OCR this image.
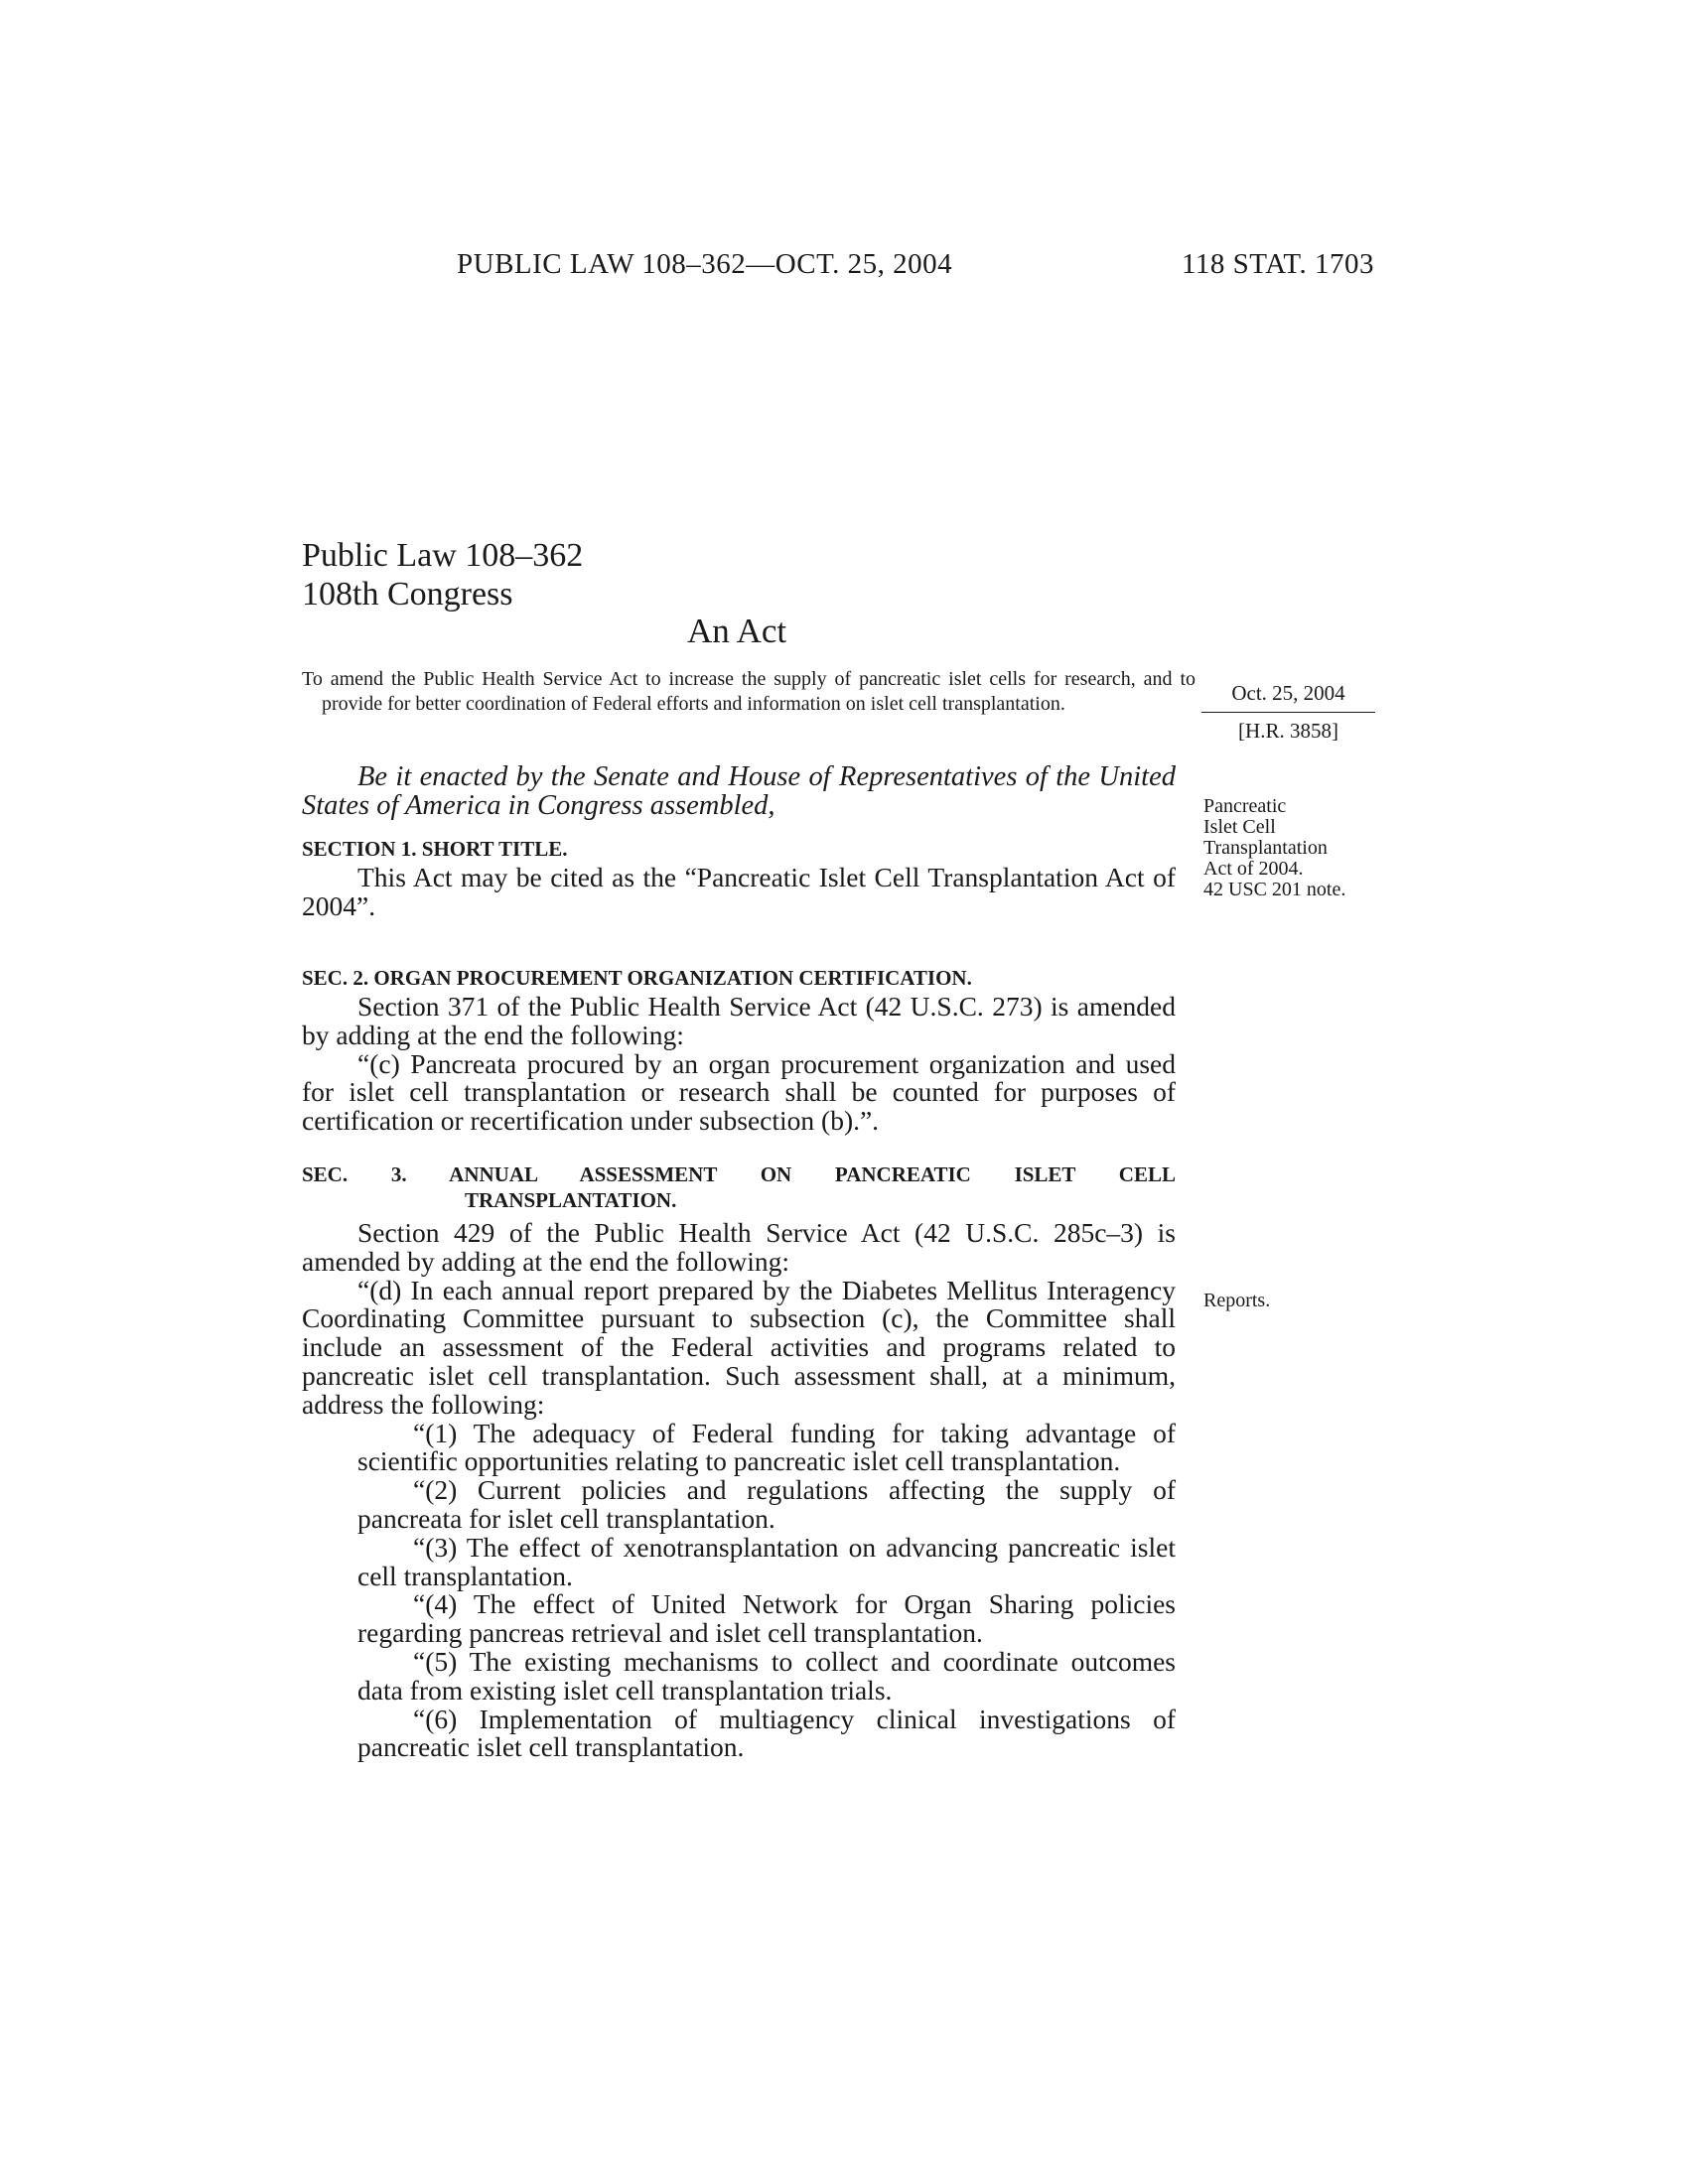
PUBLIC LAW 108–362—OCT. 25, 2004	118 STAT. 1703
Public Law 108–362
108th Congress
An Act
To amend the Public Health Service Act to increase the supply of pancreatic islet cells for research, and to provide for better coordination of Federal efforts and information on islet cell transplantation.	Oct. 25, 2004
[H.R. 3858]
Pancreatic
Islet Cell
Transplantation
Act of 2004.
42 USC 201 note.
Reports.
Be it enacted by the Senate and House of Representatives of the United States of America in Congress assembled,
SECTION 1. SHORT TITLE.

This Act may be cited as the “Pancreatic Islet Cell Transplantation Act of 2004”.

SEC. 2. ORGAN PROCUREMENT ORGANIZATION CERTIFICATION.

Section 371 of the Public Health Service Act (42 U.S.C. 273) is amended by adding at the end the following:

“(c) Pancreata procured by an organ procurement organization and used for islet cell transplantation or research shall be counted for purposes of certification or recertification under subsection (b).”.

SEC. 3. ANNUAL ASSESSMENT ON PANCREATIC ISLET CELL
TRANSPLANTATION.

Section 429 of the Public Health Service Act (42 U.S.C. 285c–3) is amended by adding at the end the following:

“(d) In each annual report prepared by the Diabetes Mellitus Interagency Coordinating Committee pursuant to subsection (c), the Committee shall include an assessment of the Federal activities and programs related to pancreatic islet cell transplantation. Such assessment shall, at a minimum, address the following:

“(1) The adequacy of Federal funding for taking advantage of scientific opportunities relating to pancreatic islet cell transplantation.

“(2) Current policies and regulations affecting the supply of pancreata for islet cell transplantation.

“(3) The effect of xenotransplantation on advancing pancreatic islet cell transplantation.

“(4) The effect of United Network for Organ Sharing policies regarding pancreas retrieval and islet cell transplantation.

“(5) The existing mechanisms to collect and coordinate outcomes data from existing islet cell transplantation trials.

“(6) Implementation of multiagency clinical investigations of pancreatic islet cell transplantation.
